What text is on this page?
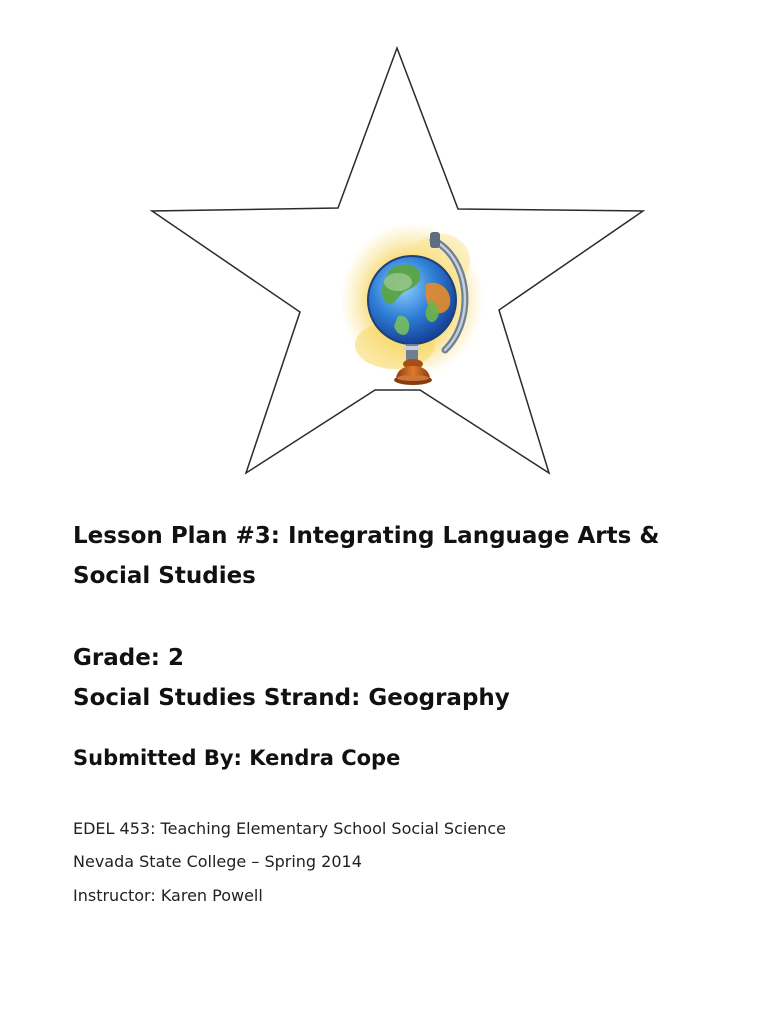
Lesson Plan #3: Integrating Language Arts &
Social Studies
Grade: 2
Social Studies Strand: Geography
Submitted By: Kendra Cope

EDEL 453: Teaching Elementary School Social Science

Nevada State College – Spring 2014

Instructor: Karen Powell
